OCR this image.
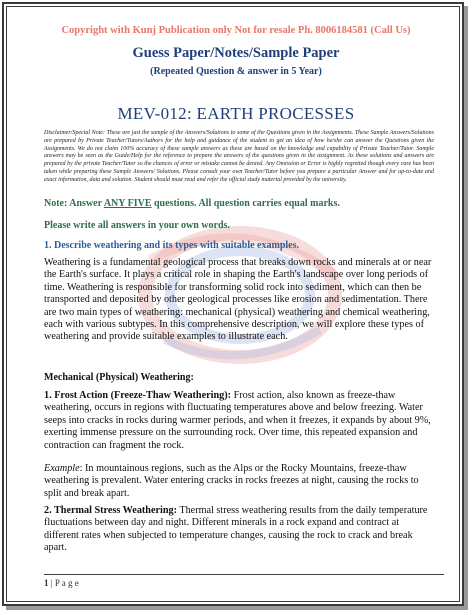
Copyright with Kunj Publication only Not for resale Ph. 8006184581 (Call Us)
Guess Paper/Notes/Sample Paper
(Repeated Question & answer in 5 Year)
MEV-012: EARTH PROCESSES
Disclaimer/Special Note: These are just the sample of the Answers/Solutions to some of the Questions given in the Assignments. These Sample Answers/Solutions are prepared by Private Teacher/Tutors/Authors for the help and guidance of the student to get an idea of how he/she can answer the Questions given the Assignments. We do not claim 100% accuracy of these sample answers as these are based on the knowledge and capability of Private Teacher/Tutor. Sample answers may be seen as the Guide/Help for the reference to prepare the answers of the questions given in the assignment. As these solutions and answers are prepared by the private Teacher/Tutor so the chances of error or mistake cannot be denied. Any Omission or Error is highly regretted though every care has been taken while preparing these Sample Answers/ Solutions. Please consult your own Teacher/Tutor before you prepare a particular Answer and for up-to-date and exact information, data and solution. Student should must read and refer the official study material provided by the university.
Note: Answer ANY FIVE questions. All question carries equal marks.
Please write all answers in your own words.
1. Describe weathering and its types with suitable examples.
Weathering is a fundamental geological process that breaks down rocks and minerals at or near the Earth's surface. It plays a critical role in shaping the Earth's landscape over long periods of time. Weathering is responsible for transforming solid rock into sediment, which can then be transported and deposited by other geological processes like erosion and sedimentation. There are two main types of weathering: mechanical (physical) weathering and chemical weathering, each with various subtypes. In this comprehensive description, we will explore these types of weathering and provide suitable examples to illustrate each.
Mechanical (Physical) Weathering:
1. Frost Action (Freeze-Thaw Weathering): Frost action, also known as freeze-thaw weathering, occurs in regions with fluctuating temperatures above and below freezing. Water seeps into cracks in rocks during warmer periods, and when it freezes, it expands by about 9%, exerting immense pressure on the surrounding rock. Over time, this repeated expansion and contraction can fragment the rock.
Example: In mountainous regions, such as the Alps or the Rocky Mountains, freeze-thaw weathering is prevalent. Water entering cracks in rocks freezes at night, causing the rocks to split and break apart.
2. Thermal Stress Weathering: Thermal stress weathering results from the daily temperature fluctuations between day and night. Different minerals in a rock expand and contract at different rates when subjected to temperature changes, causing the rock to crack and break apart.
1 | P a g e
